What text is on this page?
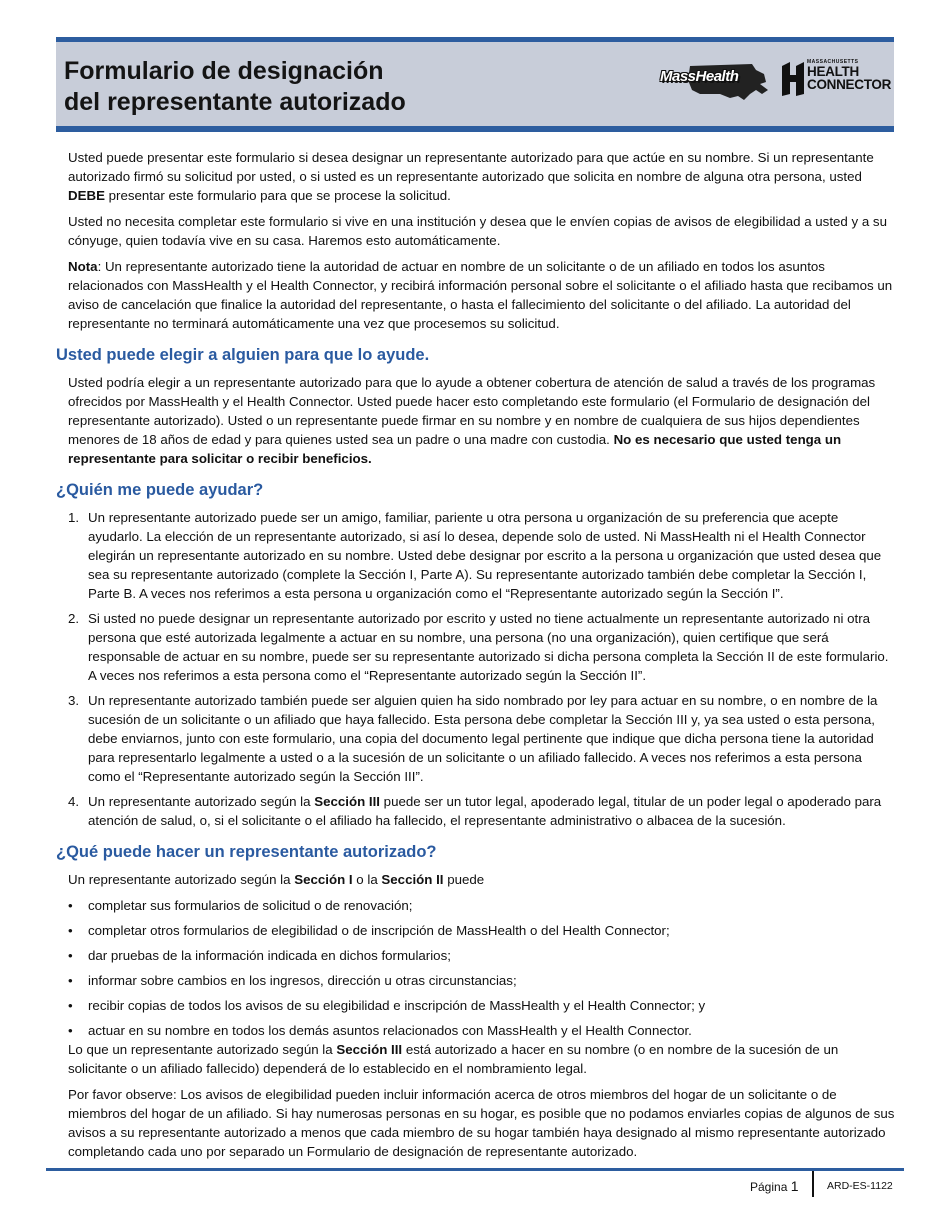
Formulario de designación
del representante autorizado
MassHealth
MASSACHUSETTS
HEALTH
CONNECTOR

Usted puede presentar este formulario si desea designar un representante autorizado para que actúe en su nombre. Si un representante autorizado firmó su solicitud por usted, o si usted es un representante autorizado que solicita en nombre de alguna otra persona, usted DEBE presentar este formulario para que se procese la solicitud.

Usted no necesita completar este formulario si vive en una institución y desea que le envíen copias de avisos de elegibilidad a usted y a su cónyuge, quien todavía vive en su casa. Haremos esto automáticamente.

Nota: Un representante autorizado tiene la autoridad de actuar en nombre de un solicitante o de un afiliado en todos los asuntos relacionados con MassHealth y el Health Connector, y recibirá información personal sobre el solicitante o el afiliado hasta que recibamos un aviso de cancelación que finalice la autoridad del representante, o hasta el fallecimiento del solicitante o del afiliado. La autoridad del representante no terminará automáticamente una vez que procesemos su solicitud.

Usted puede elegir a alguien para que lo ayude.

Usted podría elegir a un representante autorizado para que lo ayude a obtener cobertura de atención de salud a través de los programas ofrecidos por MassHealth y el Health Connector. Usted puede hacer esto completando este formulario (el Formulario de designación del representante autorizado). Usted o un representante puede firmar en su nombre y en nombre de cualquiera de sus hijos dependientes menores de 18 años de edad y para quienes usted sea un padre o una madre con custodia. No es necesario que usted tenga un representante para solicitar o recibir beneficios.

¿Quién me puede ayudar?
1. Un representante autorizado puede ser un amigo, familiar, pariente u otra persona u organización de su preferencia que acepte ayudarlo. La elección de un representante autorizado, si así lo desea, depende solo de usted. Ni MassHealth ni el Health Connector elegirán un representante autorizado en su nombre. Usted debe designar por escrito a la persona u organización que usted desea que sea su representante autorizado (complete la Sección I, Parte A). Su representante autorizado también debe completar la Sección I, Parte B. A veces nos referimos a esta persona u organización como el “Representante autorizado según la Sección I”.
2. Si usted no puede designar un representante autorizado por escrito y usted no tiene actualmente un representante autorizado ni otra persona que esté autorizada legalmente a actuar en su nombre, una persona (no una organización), quien certifique que será responsable de actuar en su nombre, puede ser su representante autorizado si dicha persona completa la Sección II de este formulario. A veces nos referimos a esta persona como el “Representante autorizado según la Sección II”.
3. Un representante autorizado también puede ser alguien quien ha sido nombrado por ley para actuar en su nombre, o en nombre de la sucesión de un solicitante o un afiliado que haya fallecido. Esta persona debe completar la Sección III y, ya sea usted o esta persona, debe enviarnos, junto con este formulario, una copia del documento legal pertinente que indique que dicha persona tiene la autoridad para representarlo legalmente a usted o a la sucesión de un solicitante o un afiliado fallecido. A veces nos referimos a esta persona como el “Representante autorizado según la Sección III”.
4. Un representante autorizado según la Sección III puede ser un tutor legal, apoderado legal, titular de un poder legal o apoderado para atención de salud, o, si el solicitante o el afiliado ha fallecido, el representante administrativo o albacea de la sucesión.
¿Qué puede hacer un representante autorizado?

Un representante autorizado según la Sección I o la Sección II puede

• completar sus formularios de solicitud o de renovación;
• completar otros formularios de elegibilidad o de inscripción de MassHealth o del Health Connector;
• dar pruebas de la información indicada en dichos formularios;
• informar sobre cambios en los ingresos, dirección u otras circunstancias;
• recibir copias de todos los avisos de su elegibilidad e inscripción de MassHealth y el Health Connector; y
• actuar en su nombre en todos los demás asuntos relacionados con MassHealth y el Health Connector.

Lo que un representante autorizado según la Sección III está autorizado a hacer en su nombre (o en nombre de la sucesión de un solicitante o un afiliado fallecido) dependerá de lo establecido en el nombramiento legal.

Por favor observe: Los avisos de elegibilidad pueden incluir información acerca de otros miembros del hogar de un solicitante o de miembros del hogar de un afiliado. Si hay numerosas personas en su hogar, es posible que no podamos enviarles copias de algunos de sus avisos a su representante autorizado a menos que cada miembro de su hogar también haya designado al mismo representante autorizado completando cada uno por separado un Formulario de designación de representante autorizado.

Página 1	ARD-ES-1122
